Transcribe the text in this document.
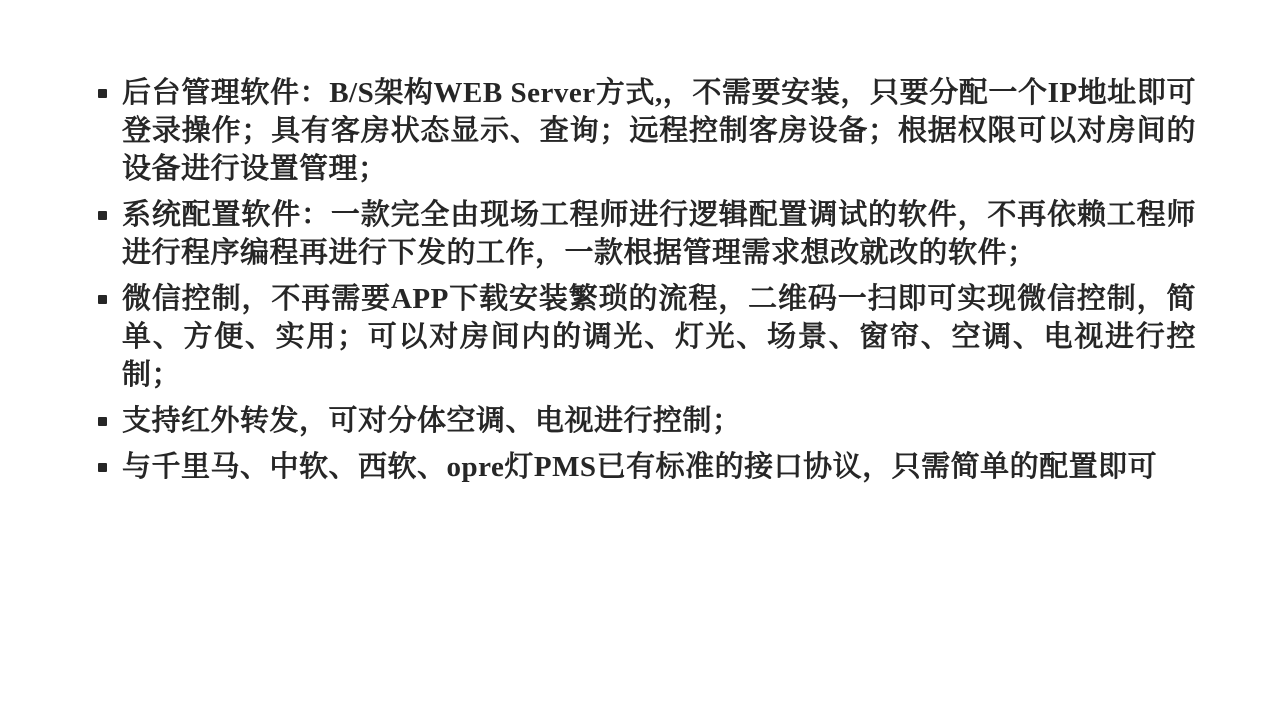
后台管理软件：B/S架构WEB Server方式,，不需要安装，只要分配一个IP地址即可登录操作；具有客房状态显示、查询；远程控制客房设备；根据权限可以对房间的设备进行设置管理；
系统配置软件：一款完全由现场工程师进行逻辑配置调试的软件，不再依赖工程师进行程序编程再进行下发的工作，一款根据管理需求想改就改的软件；
微信控制，不再需要APP下载安装繁琐的流程，二维码一扫即可实现微信控制，简单、方便、实用；可以对房间内的调光、灯光、场景、窗帘、空调、电视进行控制；
支持红外转发，可对分体空调、电视进行控制；
与千里马、中软、西软、opre灯PMS已有标准的接口协议，只需简单的配置即可
